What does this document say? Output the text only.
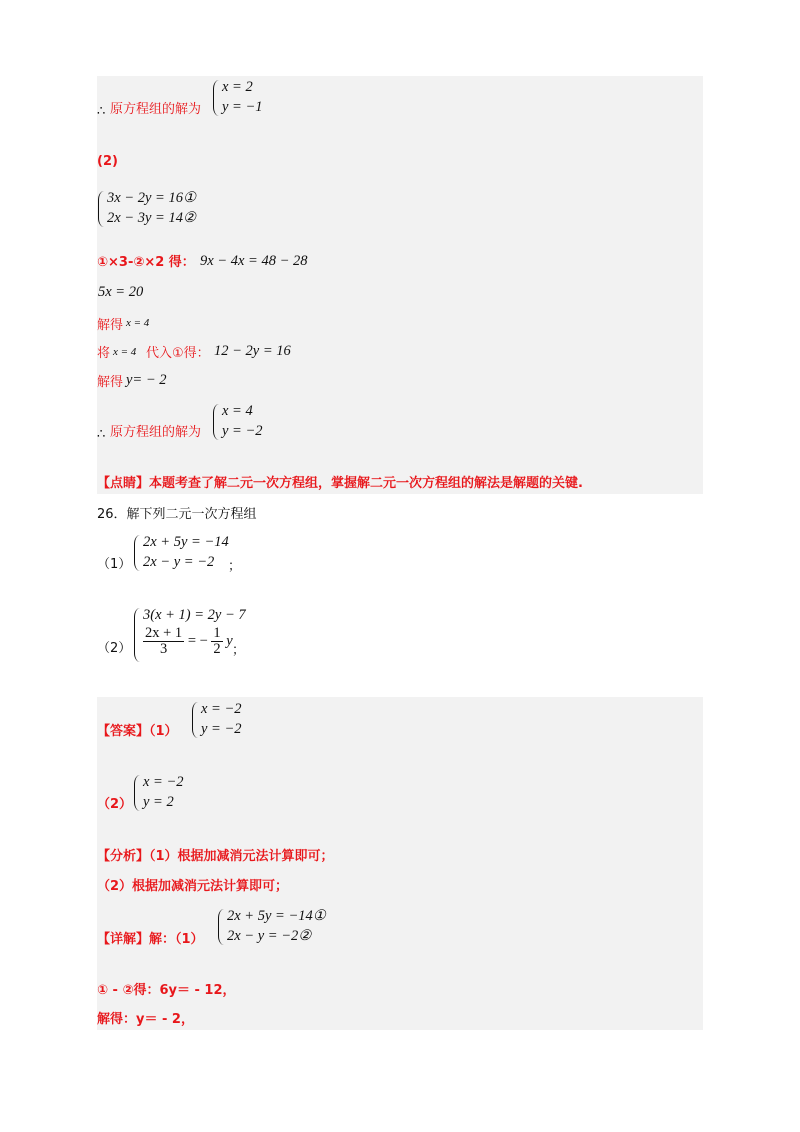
∴ 原方程组的解为
x = 2
y = −1
(2)
3x − 2y = 16①
2x − 3y = 14②
①×3-②×2 得： 9x − 4x = 48 − 28
5x = 20
解得 x = 4
将 x = 4 代入①得： 12 − 2y = 16
解得 y= − 2
∴ 原方程组的解为
x = 4
y = −2
【点睛】本题考查了解二元一次方程组，掌握解二元一次方程组的解法是解题的关键.
26．解下列二元一次方程组
（1）
2x + 5y = −14
2x − y = −2 ；
（2）
3(x + 1) = 2y − 7
$\frac{2x + 1}{3}$ = − $\frac{1}{2}$ y
；
【答案】（1）
x = −2
y = −2
（2）
x = −2
y = 2
【分析】（1）根据加减消元法计算即可；
（2）根据加减消元法计算即可；
【详解】解：（1）
2x + 5y = −14①
2x − y = −2②
① - ②得：6y＝ - 12，
解得：y＝ - 2，
